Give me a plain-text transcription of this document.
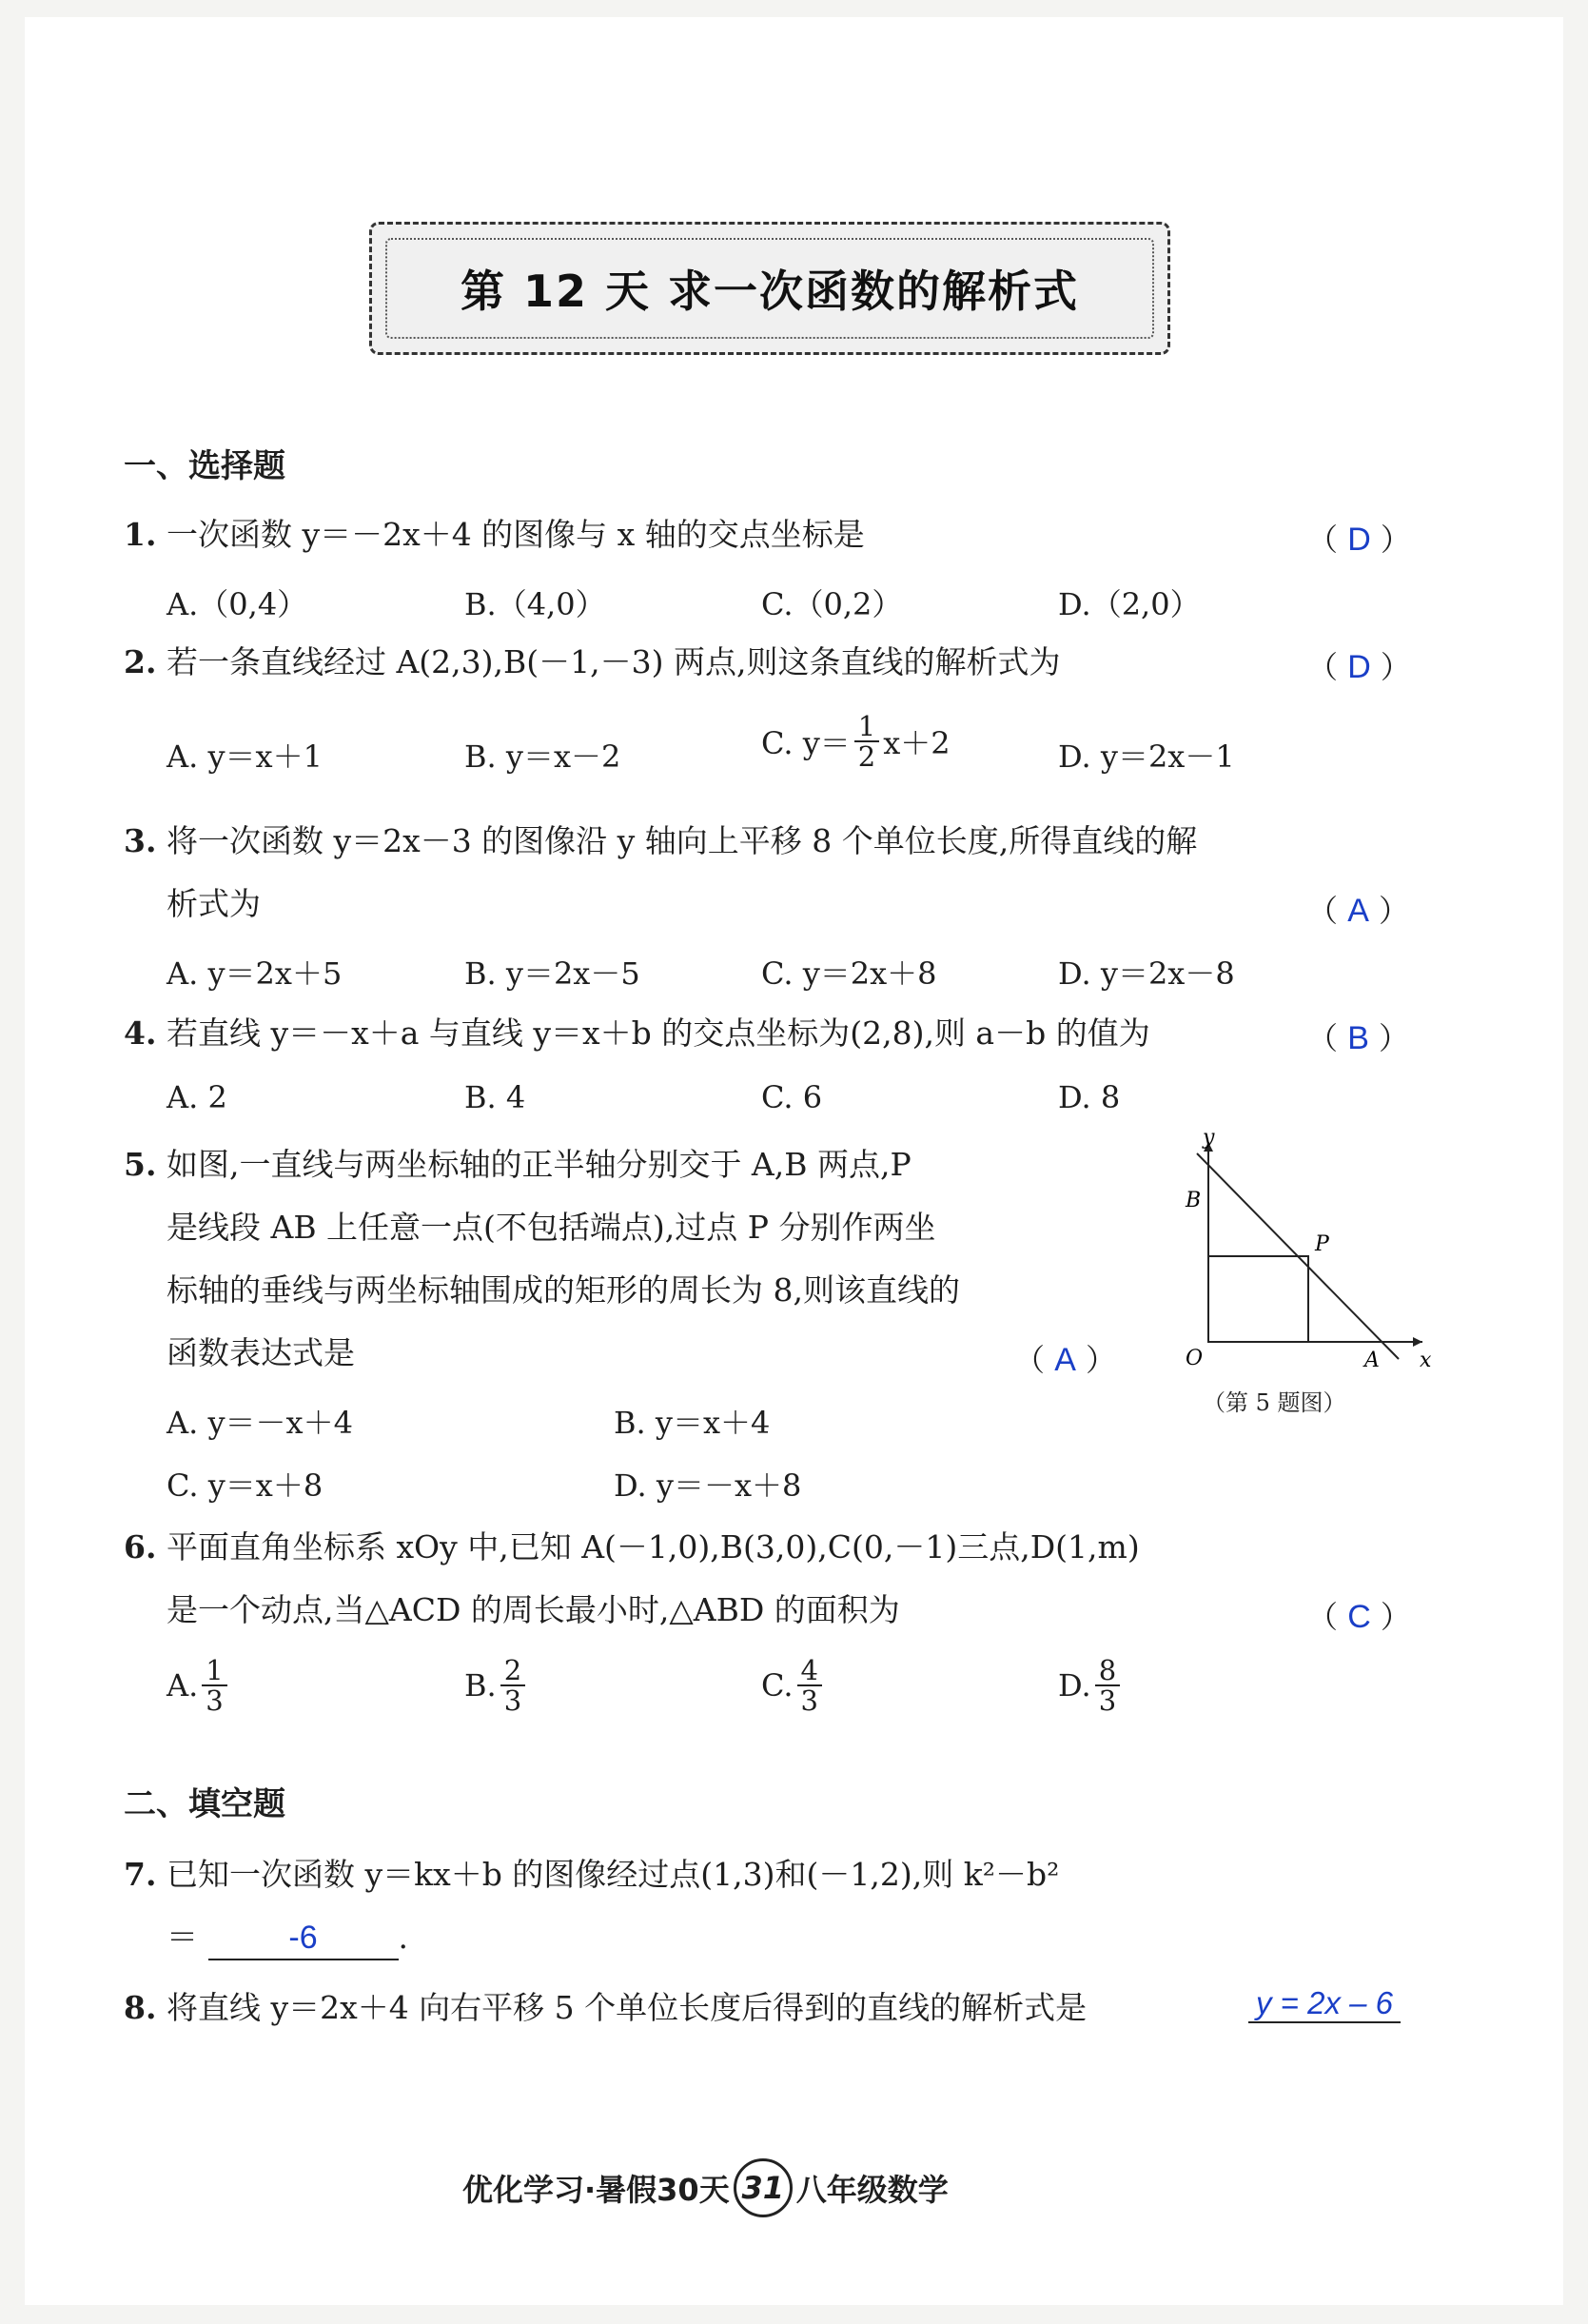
第 12 天 求一次函数的解析式
一、选择题
1. 一次函数 y＝－2x＋4 的图像与 x 轴的交点坐标是	（ D ）
A.（0,4）	B.（4,0）	C.（0,2）	D.（2,0）
2. 若一条直线经过 A(2,3),B(－1,－3) 两点,则这条直线的解析式为	（ D ）
A. y＝x＋1	B. y＝x－2	C. $y= \frac{1}{2} x+2$	D. y＝2x－1
3. 将一次函数 y＝2x－3 的图像沿 y 轴向上平移 8 个单位长度,所得直线的解
析式为	（ A ）
A. y＝2x＋5	B. y＝2x－5	C. y＝2x＋8	D. y＝2x－8
4. 若直线 y＝－x＋a 与直线 y＝x＋b 的交点坐标为(2,8),则 a－b 的值为	（ B ）
A. 2	B. 4	C. 6	D. 8
5. 如图,一直线与两坐标轴的正半轴分别交于 A,B 两点,P
是线段 AB 上任意一点(不包括端点),过点 P 分别作两坐
标轴的垂线与两坐标轴围成的矩形的周长为 8,则该直线的
函数表达式是	（ A ）
A. y＝－x＋4	B. y＝x＋4
C. y＝x＋8	D. y＝－x＋8
y
x
B
P
O	A
（第 5 题图）
6. 平面直角坐标系 xOy 中,已知 A(－1,0),B(3,0),C(0,－1)三点,D(1,m)
是一个动点,当△ACD 的周长最小时,△ABD 的面积为	（ C ）
A. $\frac{1}{3}$	B. $\frac{2}{3}$	C. $\frac{4}{3}$	D. $\frac{8}{3}$
二、填空题
7. 已知一次函数 y＝kx＋b 的图像经过点(1,3)和(－1,2),则 k²－b²
＝	-6	.
8. 将直线 y＝2x＋4 向右平移 5 个单位长度后得到的直线的解析式是	y = 2x – 6
优化学习·暑假30天 31 八年级数学
